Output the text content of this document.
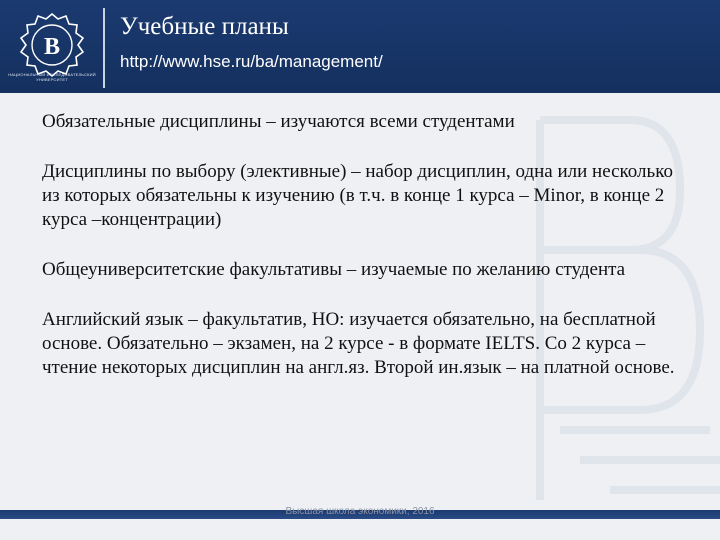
В
НАЦИОНАЛЬНЫЙ ИССЛЕДОВАТЕЛЬСКИЙ УНИВЕРСИТЕТ
Учебные планы
http://www.hse.ru/ba/management/

Обязательные дисциплины – изучаются всеми студентами

Дисциплины по выбору (элективные) – набор дисциплин, одна или несколько из которых обязательны к изучению (в т.ч. в конце 1 курса – Minor, в конце 2 курса –концентрации)

Общеуниверситетские факультативы – изучаемые по желанию студента

Английский язык – факультатив, НО: изучается обязательно, на бесплатной основе. Обязательно – экзамен, на 2 курсе - в формате IELTS. Со 2 курса – чтение некоторых дисциплин на англ.яз. Второй ин.язык – на платной основе.

Высшая школа экономики, 2016
